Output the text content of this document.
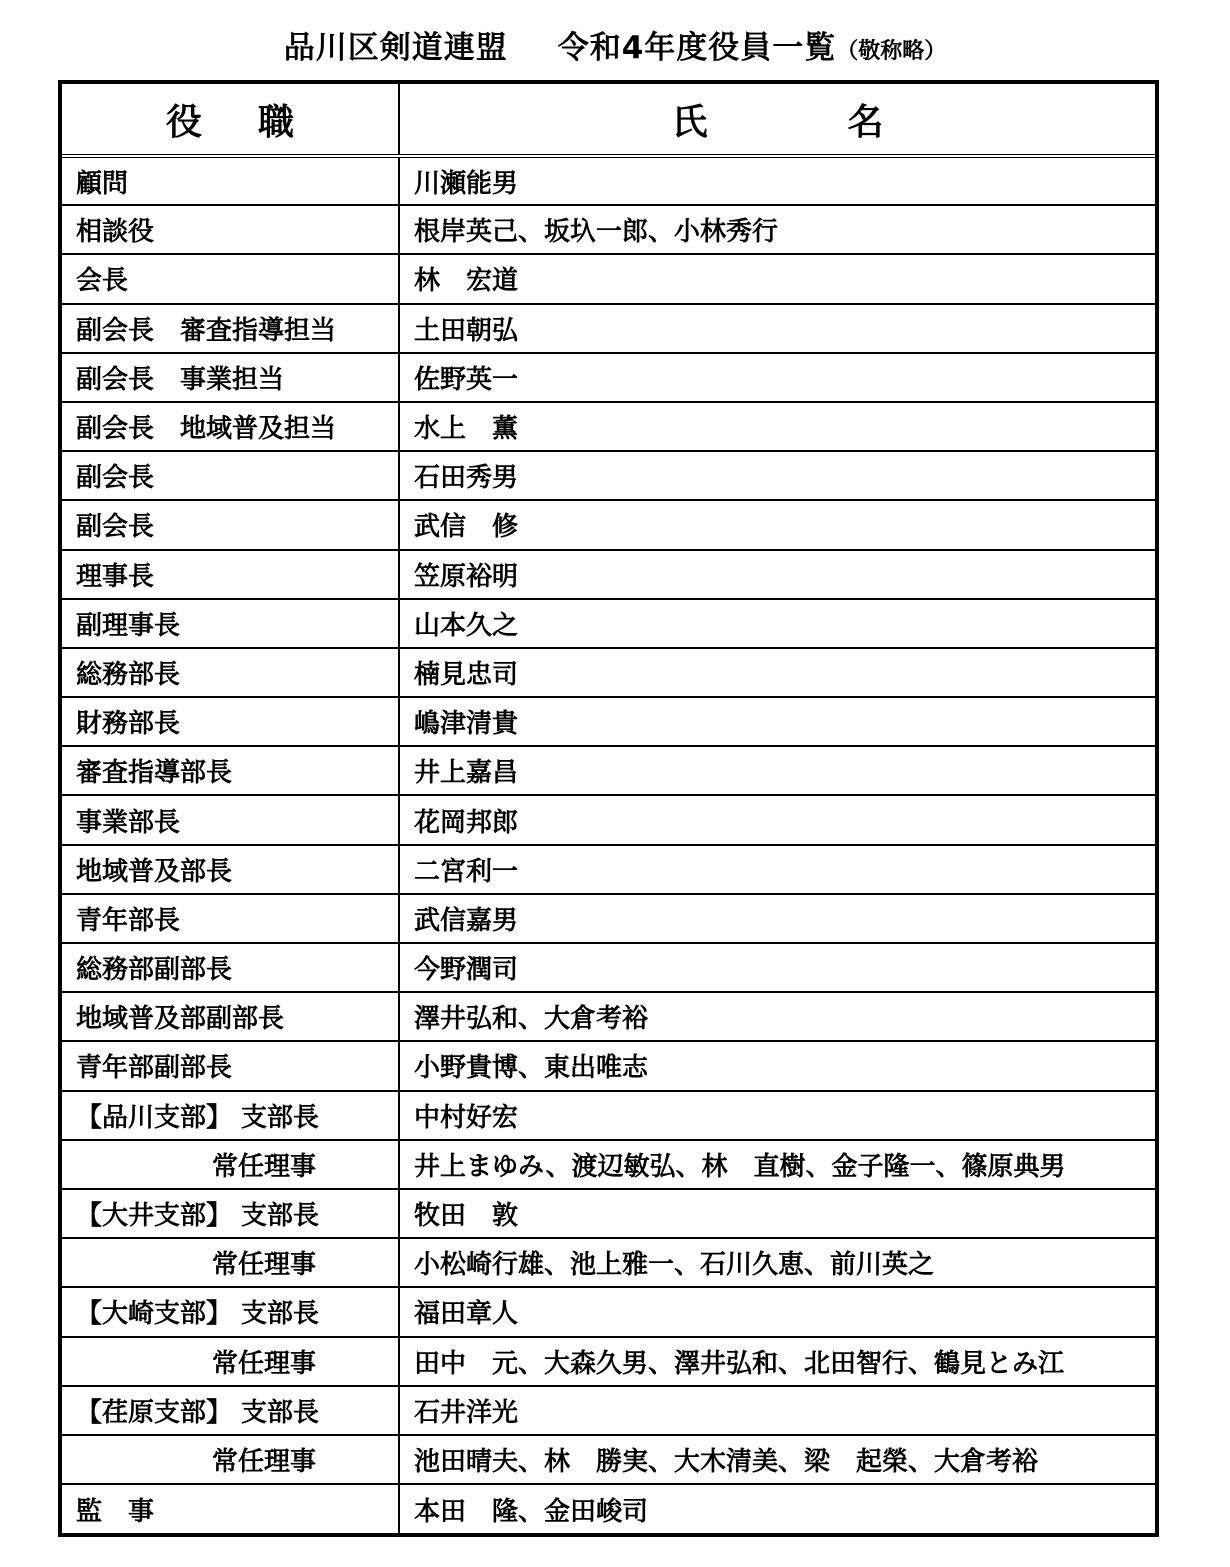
品川区剣道連盟 令和4年度役員一覧（敬称略）
役職	氏名
顧問	川瀬能男
相談役	根岸英己、坂圦一郎、小林秀行
会長	林　宏道
副会長　審査指導担当	土田朝弘
副会長　事業担当	佐野英一
副会長　地域普及担当	水上　薫
副会長	石田秀男
副会長	武信　修
理事長	笠原裕明
副理事長	山本久之
総務部長	楠見忠司
財務部長	嶋津清貴
審査指導部長	井上嘉昌
事業部長	花岡邦郎
地域普及部長	二宮利一
青年部長	武信嘉男
総務部副部長	今野潤司
地域普及部副部長	澤井弘和、大倉考裕
青年部副部長	小野貴博、東出唯志
【品川支部】 支部長	中村好宏
常任理事	井上まゆみ、渡辺敏弘、林　直樹、金子隆一、篠原典男
【大井支部】 支部長	牧田　敦
常任理事	小松崎行雄、池上雅一、石川久恵、前川英之
【大崎支部】 支部長	福田章人
常任理事	田中　元、大森久男、澤井弘和、北田智行、鶴見とみ江
【荏原支部】 支部長	石井洋光
常任理事	池田晴夫、林　勝実、大木清美、梁　起榮、大倉考裕
監　事	本田　隆、金田峻司
